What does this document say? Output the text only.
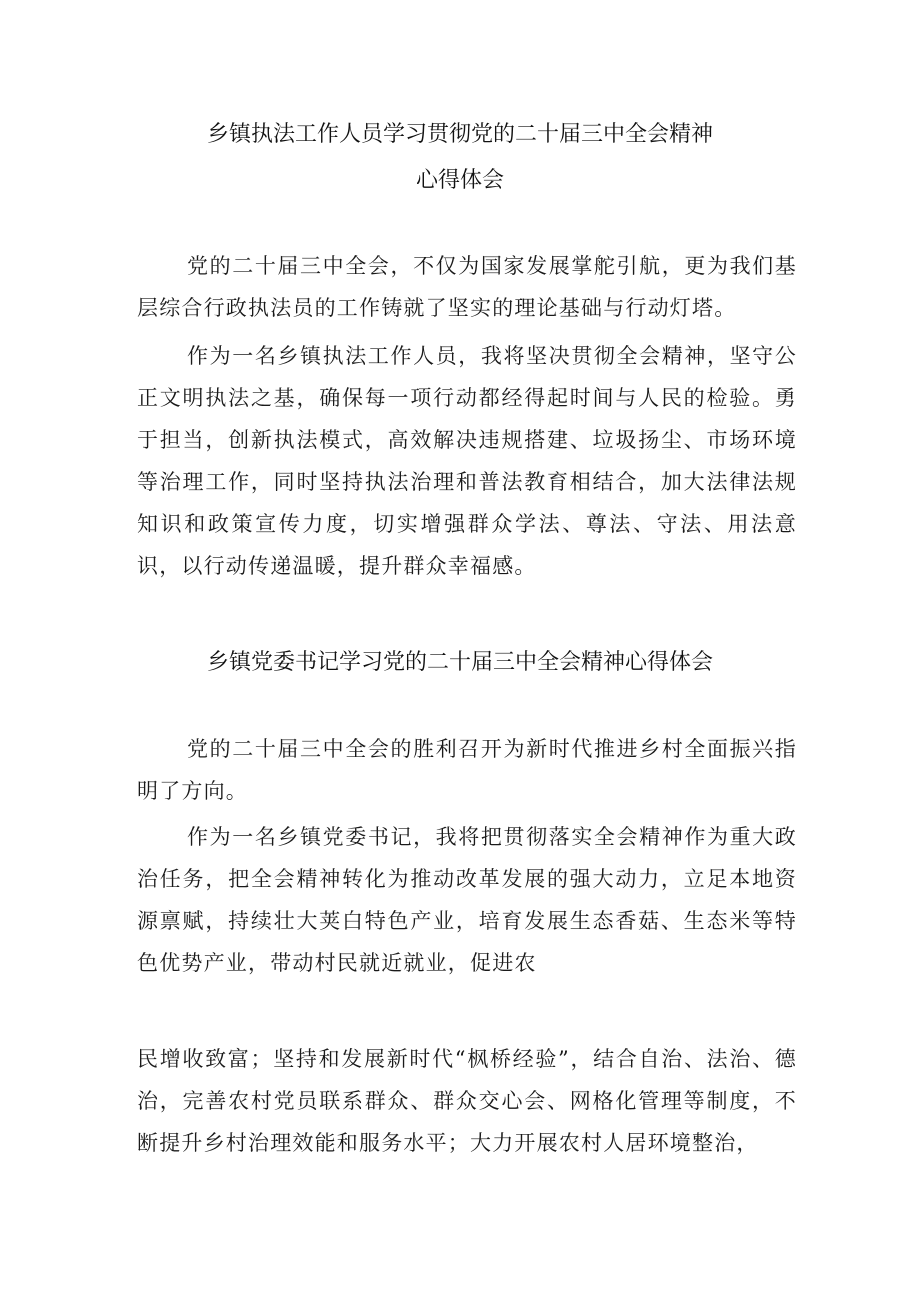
乡镇执法工作人员学习贯彻党的二十届三中全会精神
心得体会

党的二十届三中全会，不仅为国家发展掌舵引航，更为我们基层综合行政执法员的工作铸就了坚实的理论基础与行动灯塔。

作为一名乡镇执法工作人员，我将坚决贯彻全会精神，坚守公正文明执法之基，确保每一项行动都经得起时间与人民的检验。勇于担当，创新执法模式，高效解决违规搭建、垃圾扬尘、市场环境等治理工作，同时坚持执法治理和普法教育相结合，加大法律法规知识和政策宣传力度，切实增强群众学法、尊法、守法、用法意识，以行动传递温暖，提升群众幸福感。

乡镇党委书记学习党的二十届三中全会精神心得体会

党的二十届三中全会的胜利召开为新时代推进乡村全面振兴指明了方向。

作为一名乡镇党委书记，我将把贯彻落实全会精神作为重大政治任务，把全会精神转化为推动改革发展的强大动力，立足本地资源禀赋，持续壮大荚白特色产业，培育发展生态香菇、生态米等特色优势产业，带动村民就近就业，促进农

民增收致富；坚持和发展新时代“枫桥经验”，结合自治、法治、德治，完善农村党员联系群众、群众交心会、网格化管理等制度，不断提升乡村治理效能和服务水平；大力开展农村人居环境整治，
